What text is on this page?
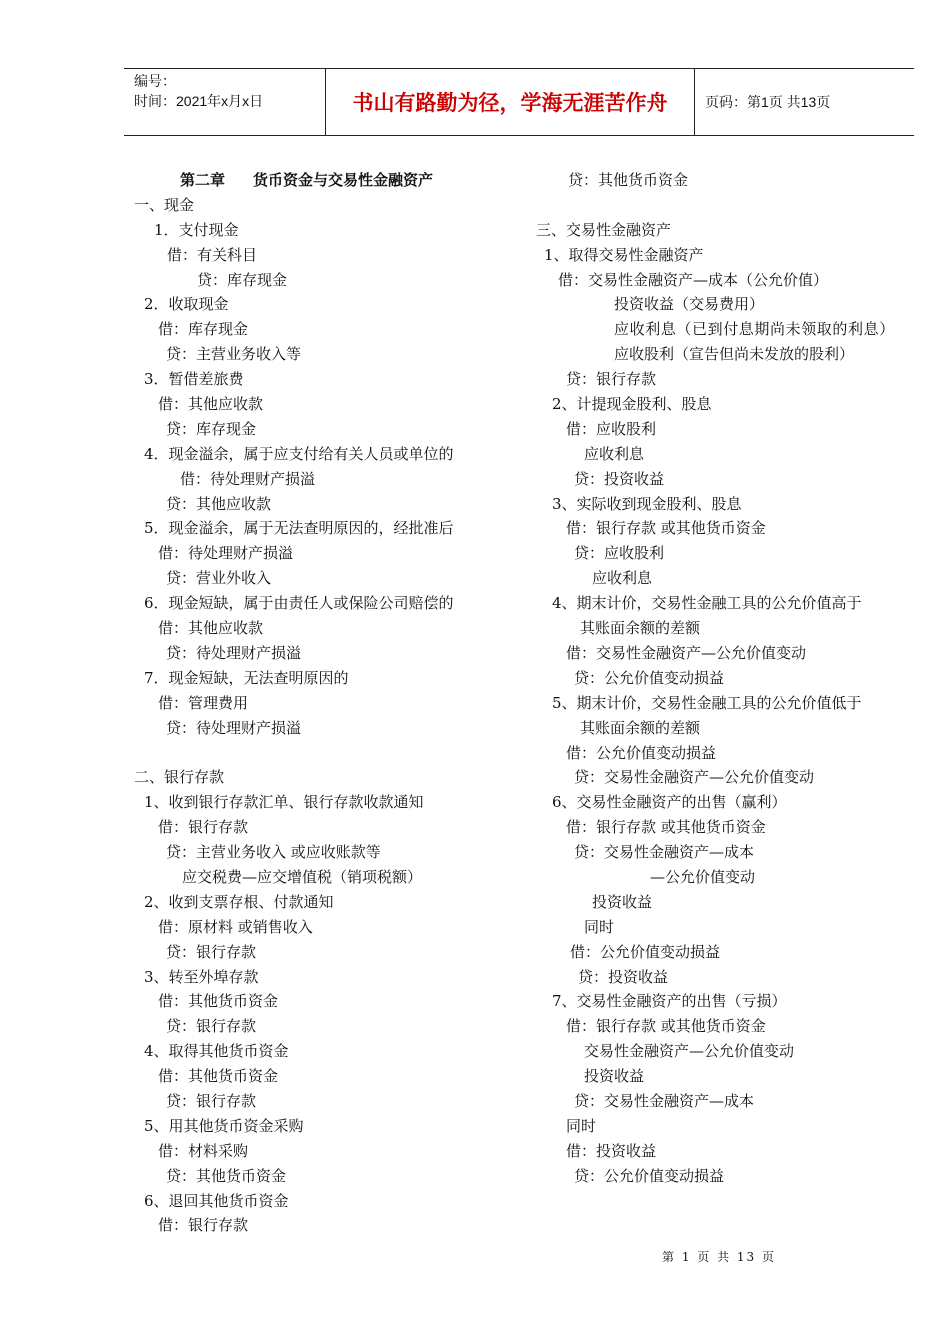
编号：
时间：2021年x月x日	书山有路勤为径，学海无涯苦作舟	页码：第1页 共13页
第二章 货币资金与交易性金融资产
一、现金
1．支付现金
借：有关科目
贷：库存现金
2．收取现金
借：库存现金
贷：主营业务收入等
3．暂借差旅费
借：其他应收款
贷：库存现金
4．现金溢余，属于应支付给有关人员或单位的
借：待处理财产损溢
贷：其他应收款
5．现金溢余，属于无法查明原因的，经批准后
借：待处理财产损溢
贷：营业外收入
6．现金短缺，属于由责任人或保险公司赔偿的
借：其他应收款
贷：待处理财产损溢
7．现金短缺，无法查明原因的
借：管理费用
贷：待处理财产损溢
二、银行存款
1、收到银行存款汇单、银行存款收款通知
借：银行存款
贷：主营业务收入 或应收账款等
应交税费—应交增值税（销项税额）
2、收到支票存根、付款通知
借：原材料 或销售收入
贷：银行存款
3、转至外埠存款
借：其他货币资金
贷：银行存款
4、取得其他货币资金
借：其他货币资金
贷：银行存款
5、用其他货币资金采购
借：材料采购
贷：其他货币资金
6、退回其他货币资金
借：银行存款
贷：其他货币资金
三、交易性金融资产
1、取得交易性金融资产
借：交易性金融资产—成本（公允价值）
投资收益（交易费用）
应收利息（已到付息期尚未领取的利息）
应收股利（宣告但尚未发放的股利）
贷：银行存款
2、计提现金股利、股息
借：应收股利
应收利息
贷：投资收益
3、实际收到现金股利、股息
借：银行存款 或其他货币资金
贷：应收股利
应收利息
4、期末计价，交易性金融工具的公允价值高于
其账面余额的差额
借：交易性金融资产—公允价值变动
贷：公允价值变动损益
5、期末计价，交易性金融工具的公允价值低于
其账面余额的差额
借：公允价值变动损益
贷：交易性金融资产—公允价值变动
6、交易性金融资产的出售（赢利）
借：银行存款 或其他货币资金
贷：交易性金融资产—成本
—公允价值变动
投资收益
同时
借：公允价值变动损益
贷：投资收益
7、交易性金融资产的出售（亏损）
借：银行存款 或其他货币资金
交易性金融资产—公允价值变动
投资收益
贷：交易性金融资产—成本
同时
借：投资收益
贷：公允价值变动损益
第 1 页 共 13 页
